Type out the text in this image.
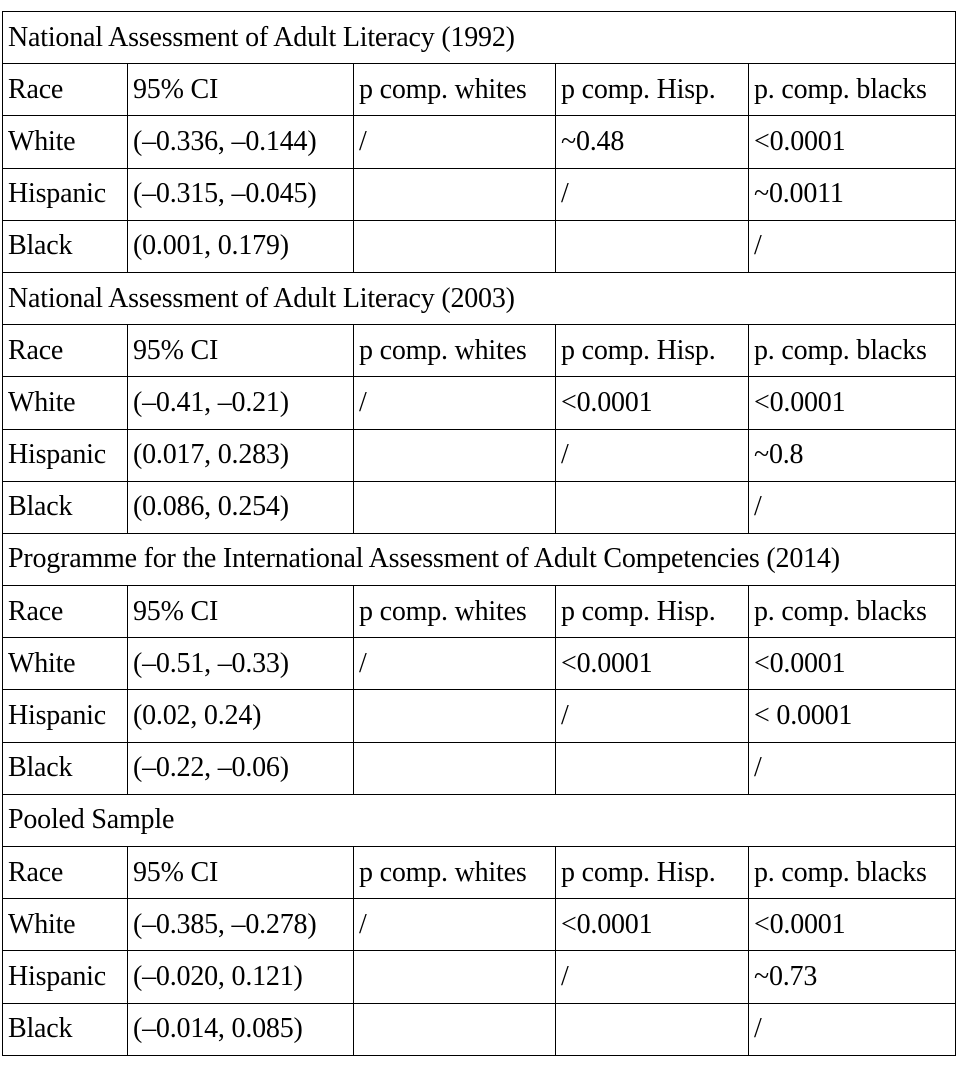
National Assessment of Adult Literacy (1992)				
Race	95% CI	p comp. whites	p comp. Hisp.	p. comp. blacks
White	(–0.336, –0.144)	/	~0.48	<0.0001
Hispanic	(–0.315, –0.045)		/	~0.0011
Black	(0.001, 0.179)			/
National Assessment of Adult Literacy (2003)				
Race	95% CI	p comp. whites	p comp. Hisp.	p. comp. blacks
White	(–0.41, –0.21)	/	<0.0001	<0.0001
Hispanic	(0.017, 0.283)		/	~0.8
Black	(0.086, 0.254)			/
Programme for the International Assessment of Adult Competencies (2014)				
Race	95% CI	p comp. whites	p comp. Hisp.	p. comp. blacks
White	(–0.51, –0.33)	/	<0.0001	<0.0001
Hispanic	(0.02, 0.24)		/	< 0.0001
Black	(–0.22, –0.06)			/
Pooled Sample				
Race	95% CI	p comp. whites	p comp. Hisp.	p. comp. blacks
White	(–0.385, –0.278)	/	<0.0001	<0.0001
Hispanic	(–0.020, 0.121)		/	~0.73
Black	(–0.014, 0.085)			/
